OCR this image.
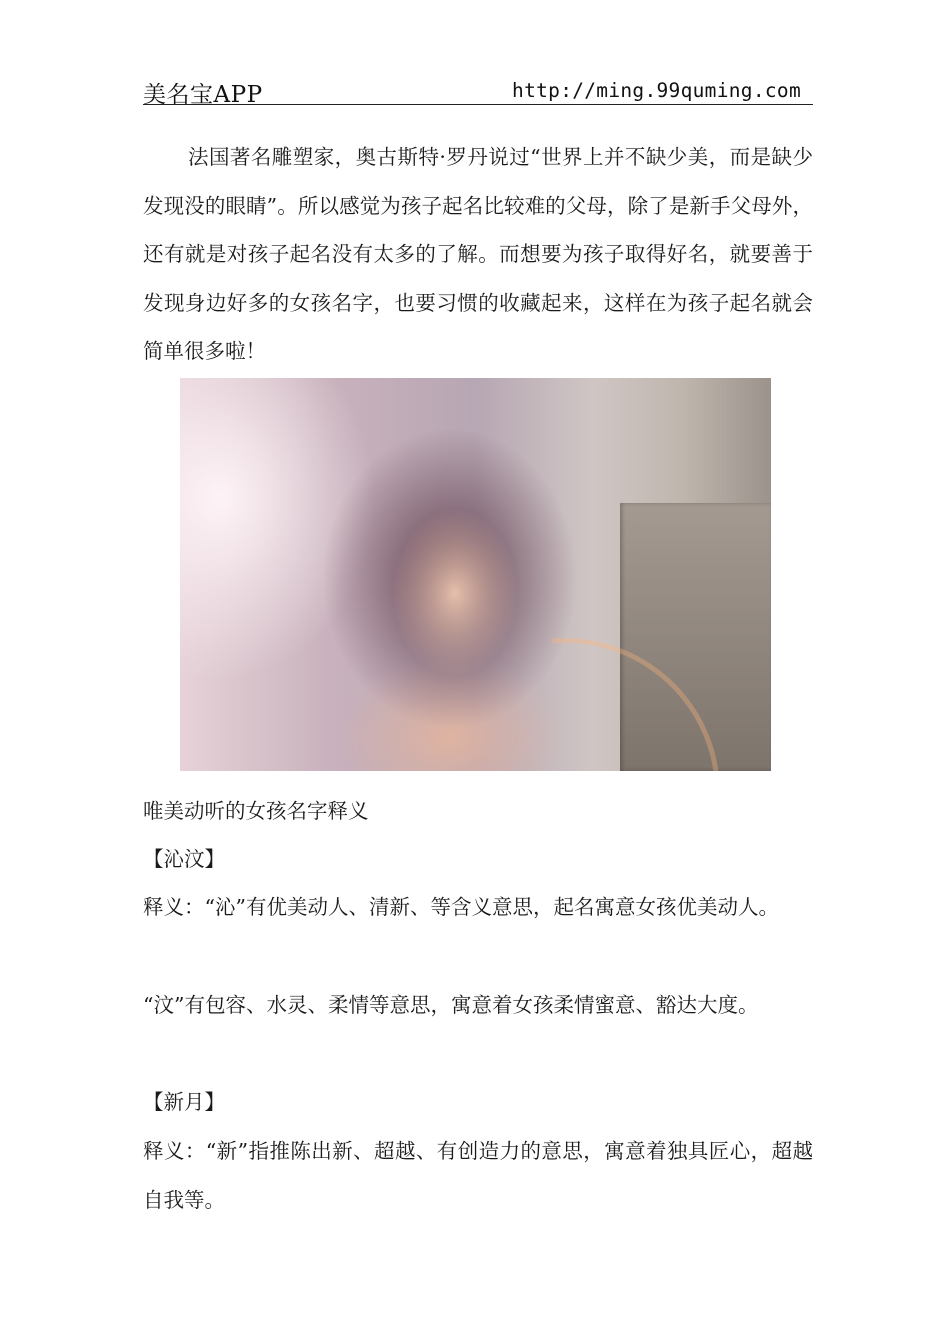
美名宝APP	http://ming.99quming.com

法国著名雕塑家，奥古斯特·罗丹说过“世界上并不缺少美，而是缺少发现没的眼睛”。所以感觉为孩子起名比较难的父母，除了是新手父母外，还有就是对孩子起名没有太多的了解。而想要为孩子取得好名，就要善于发现身边好多的女孩名字，也要习惯的收藏起来，这样在为孩子起名就会简单很多啦！

唯美动听的女孩名字释义

【沁汶】

释义：“沁”有优美动人、清新、等含义意思，起名寓意女孩优美动人。

“汶”有包容、水灵、柔情等意思，寓意着女孩柔情蜜意、豁达大度。

【新月】

释义：“新”指推陈出新、超越、有创造力的意思，寓意着独具匠心，超越自我等。
